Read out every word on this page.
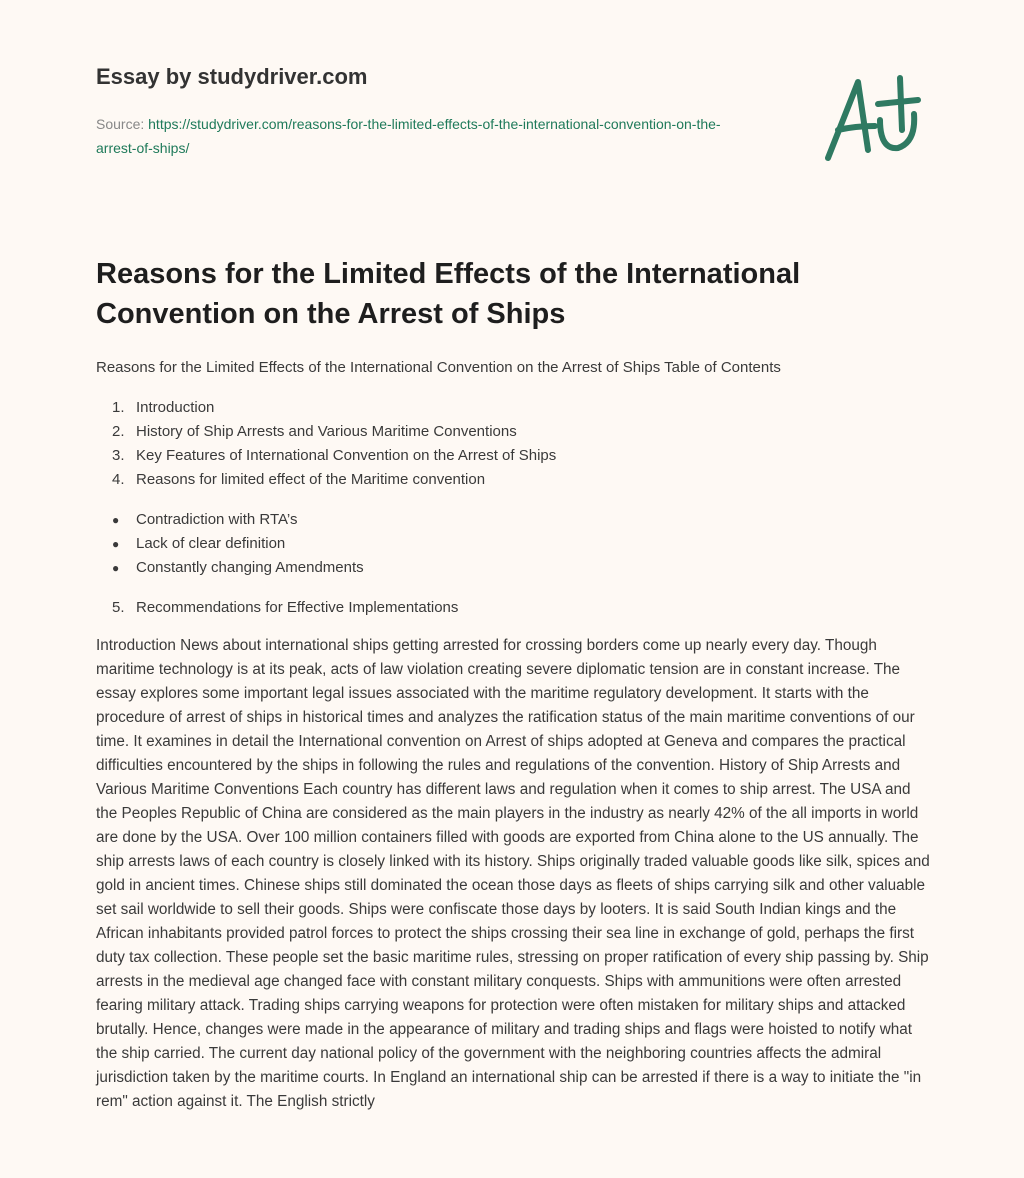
Essay by studydriver.com
Source: https://studydriver.com/reasons-for-the-limited-effects-of-the-international-convention-on-the-arrest-of-ships/
Reasons for the Limited Effects of the International Convention on the Arrest of Ships
Reasons for the Limited Effects of the International Convention on the Arrest of Ships Table of Contents
1. Introduction
2. History of Ship Arrests and Various Maritime Conventions
3. Key Features of International Convention on the Arrest of Ships
4. Reasons for limited effect of the Maritime convention
● Contradiction with RTA’s
● Lack of clear definition
● Constantly changing Amendments
5. Recommendations for Effective Implementations
Introduction News about international ships getting arrested for crossing borders come up nearly every day. Though maritime technology is at its peak, acts of law violation creating severe diplomatic tension are in constant increase. The essay explores some important legal issues associated with the maritime regulatory development. It starts with the procedure of arrest of ships in historical times and analyzes the ratification status of the main maritime conventions of our time. It examines in detail the International convention on Arrest of ships adopted at Geneva and compares the practical difficulties encountered by the ships in following the rules and regulations of the convention. History of Ship Arrests and Various Maritime Conventions Each country has different laws and regulation when it comes to ship arrest. The USA and the Peoples Republic of China are considered as the main players in the industry as nearly 42% of the all imports in world are done by the USA. Over 100 million containers filled with goods are exported from China alone to the US annually. The ship arrests laws of each country is closely linked with its history. Ships originally traded valuable goods like silk, spices and gold in ancient times. Chinese ships still dominated the ocean those days as fleets of ships carrying silk and other valuable set sail worldwide to sell their goods. Ships were confiscate those days by looters. It is said South Indian kings and the African inhabitants provided patrol forces to protect the ships crossing their sea line in exchange of gold, perhaps the first duty tax collection. These people set the basic maritime rules, stressing on proper ratification of every ship passing by. Ship arrests in the medieval age changed face with constant military conquests. Ships with ammunitions were often arrested fearing military attack. Trading ships carrying weapons for protection were often mistaken for military ships and attacked brutally. Hence, changes were made in the appearance of military and trading ships and flags were hoisted to notify what the ship carried. The current day national policy of the government with the neighboring countries affects the admiral jurisdiction taken by the maritime courts. In England an international ship can be arrested if there is a way to initiate the "in rem" action against it. The English strictly
